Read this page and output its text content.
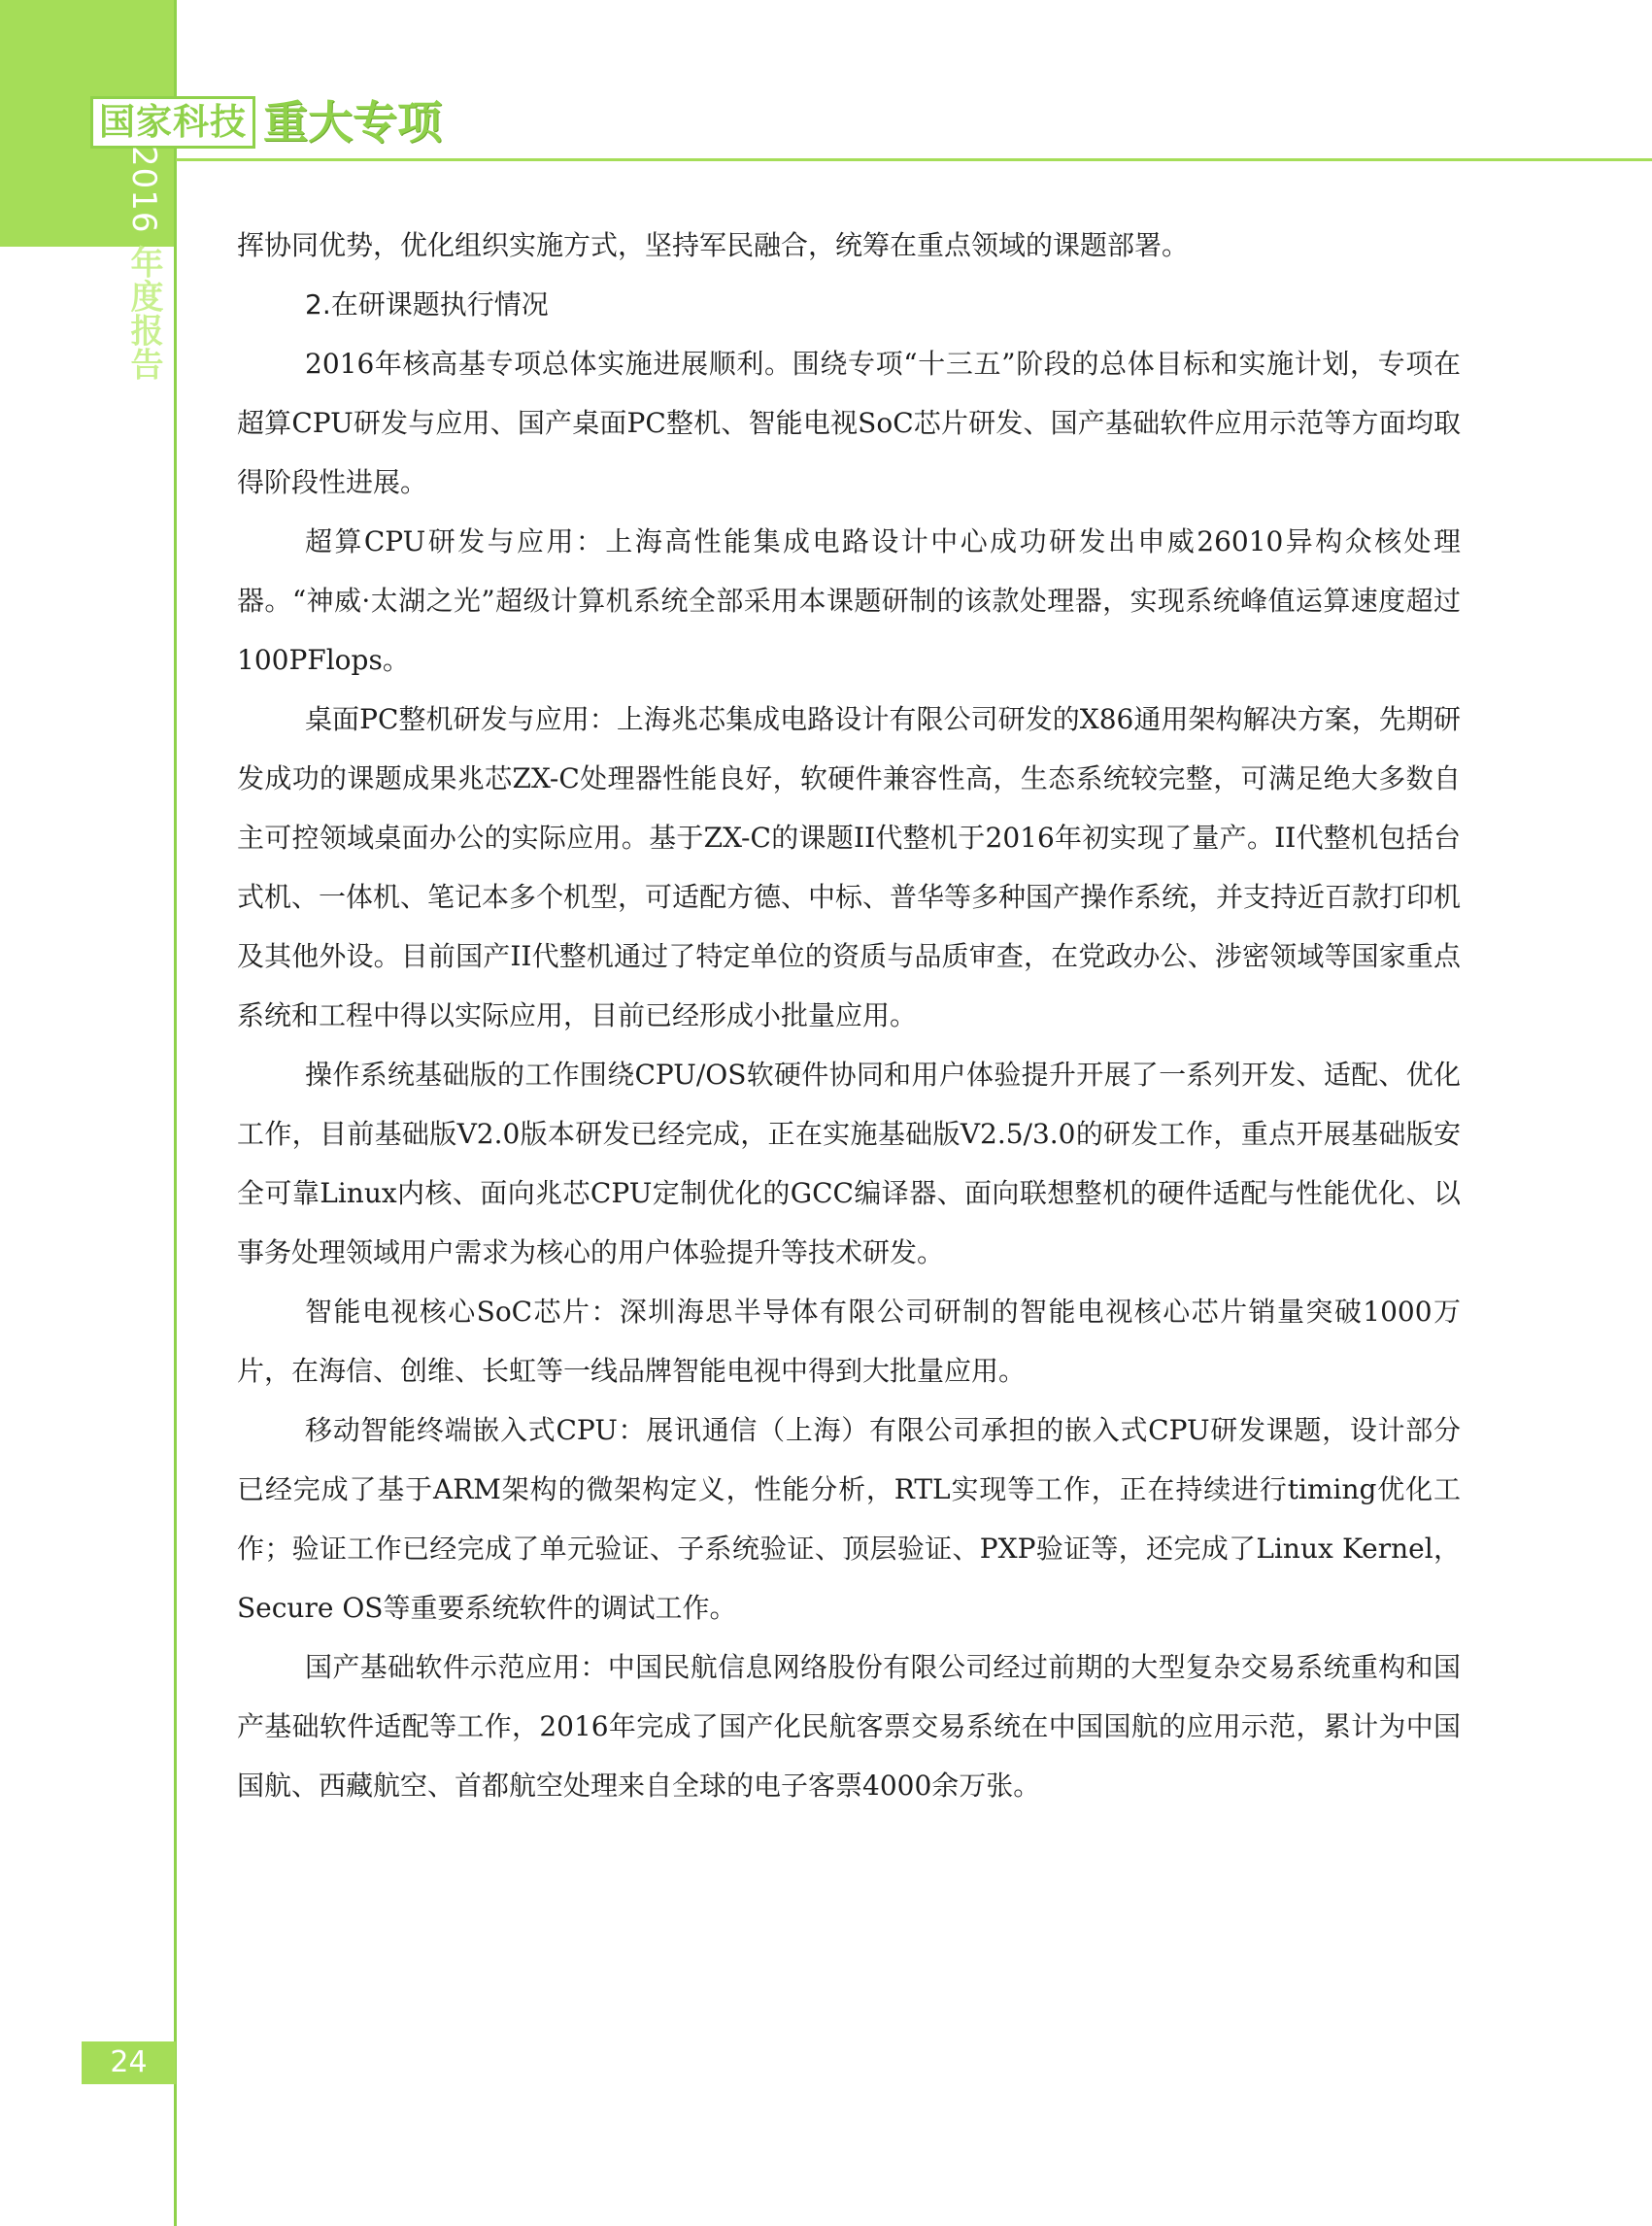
国家科技 重大专项
2016 年度报告	挥协同优势，优化组织实施方式，坚持军民融合，统筹在重点领域的课题部署。

2.在研课题执行情况

2016年核高基专项总体实施进展顺利。围绕专项“十三五”阶段的总体目标和实施计划，专项在超算CPU研发与应用、国产桌面PC整机、智能电视SoC芯片研发、国产基础软件应用示范等方面均取得阶段性进展。

超算CPU研发与应用：上海高性能集成电路设计中心成功研发出申威26010异构众核处理器。“神威·太湖之光”超级计算机系统全部采用本课题研制的该款处理器，实现系统峰值运算速度超过100PFlops。

桌面PC整机研发与应用：上海兆芯集成电路设计有限公司研发的X86通用架构解决方案，先期研发成功的课题成果兆芯ZX-C处理器性能良好，软硬件兼容性高，生态系统较完整，可满足绝大多数自主可控领域桌面办公的实际应用。基于ZX-C的课题II代整机于2016年初实现了量产。II代整机包括台式机、一体机、笔记本多个机型，可适配方德、中标、普华等多种国产操作系统，并支持近百款打印机及其他外设。目前国产II代整机通过了特定单位的资质与品质审查，在党政办公、涉密领域等国家重点系统和工程中得以实际应用，目前已经形成小批量应用。

操作系统基础版的工作围绕CPU/OS软硬件协同和用户体验提升开展了一系列开发、适配、优化工作，目前基础版V2.0版本研发已经完成，正在实施基础版V2.5/3.0的研发工作，重点开展基础版安全可靠Linux内核、面向兆芯CPU定制优化的GCC编译器、面向联想整机的硬件适配与性能优化、以事务处理领域用户需求为核心的用户体验提升等技术研发。

智能电视核心SoC芯片：深圳海思半导体有限公司研制的智能电视核心芯片销量突破1000万片，在海信、创维、长虹等一线品牌智能电视中得到大批量应用。

移动智能终端嵌入式CPU：展讯通信（上海）有限公司承担的嵌入式CPU研发课题，设计部分已经完成了基于ARM架构的微架构定义，性能分析，RTL实现等工作，正在持续进行timing优化工作；验证工作已经完成了单元验证、子系统验证、顶层验证、PXP验证等，还完成了Linux Kernel，Secure OS等重要系统软件的调试工作。

国产基础软件示范应用：中国民航信息网络股份有限公司经过前期的大型复杂交易系统重构和国产基础软件适配等工作，2016年完成了国产化民航客票交易系统在中国国航的应用示范，累计为中国国航、西藏航空、首都航空处理来自全球的电子客票4000余万张。

24
